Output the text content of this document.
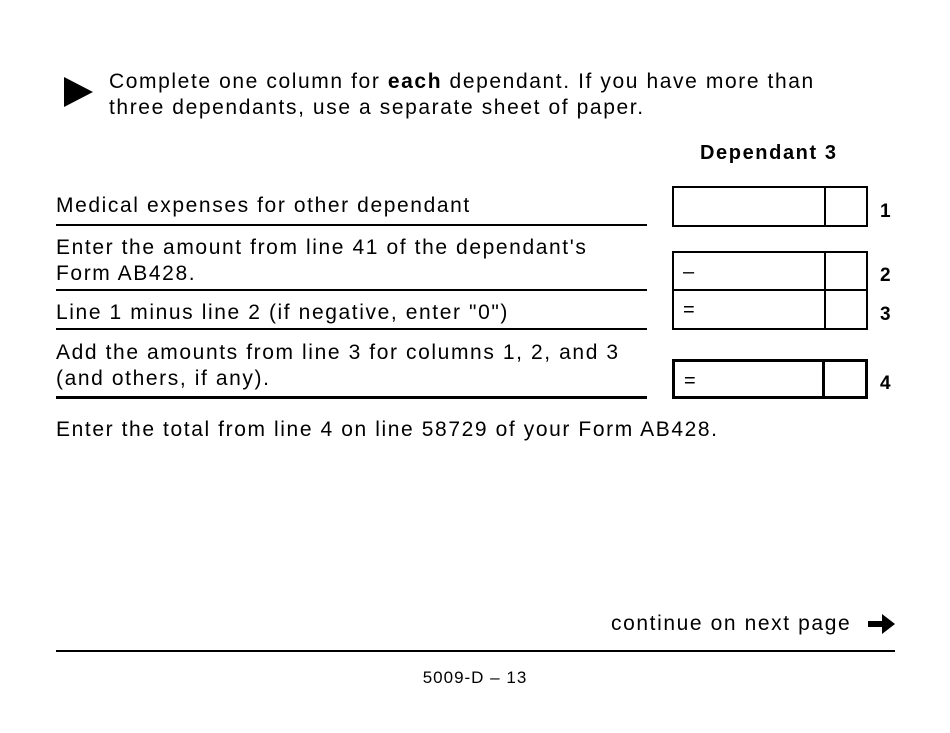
Complete one column for each dependant. If you have more than
three dependants, use a separate sheet of paper.
Dependant 3
Medical expenses for other dependant	1
Enter the amount from line 41 of the dependant's
Form AB428.	–	2
Line 1 minus line 2 (if negative, enter "0")	=	3
Add the amounts from line 3 for columns 1, 2, and 3
(and others, if any).	=	4
Enter the total from line 4 on line 58729 of your Form AB428.
continue on next page
5009-D – 13
